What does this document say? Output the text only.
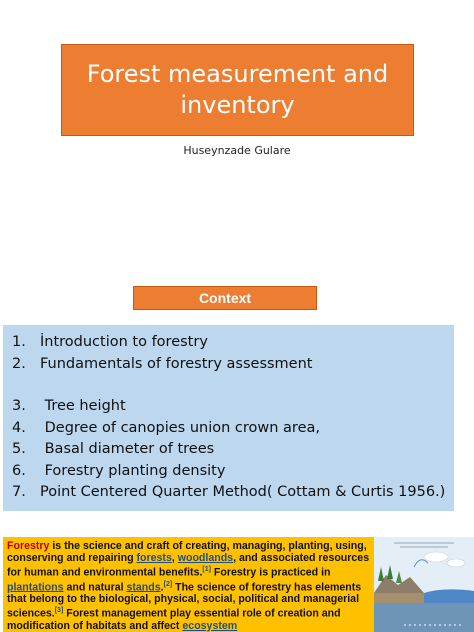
Forest measurement and
inventory
Huseynzade Gulare
Context
1. İntroduction to forestry
2. Fundamentals of forestry assessment
3. Tree height
4. Degree of canopies union crown area,
5. Basal diameter of trees
6. Forestry planting density
7. Point Centered Quarter Method( Cottam & Curtis 1956.)

Forestry is the science and craft of creating, managing, planting, using, conserving and repairing forests, woodlands, and associated resources for human and environmental benefits.[1] Forestry is practiced in plantations and natural stands.[2] The science of forestry has elements that belong to the biological, physical, social, political and managerial sciences.[3] Forest management play essential role of creation and modification of habitats and affect ecosystem
